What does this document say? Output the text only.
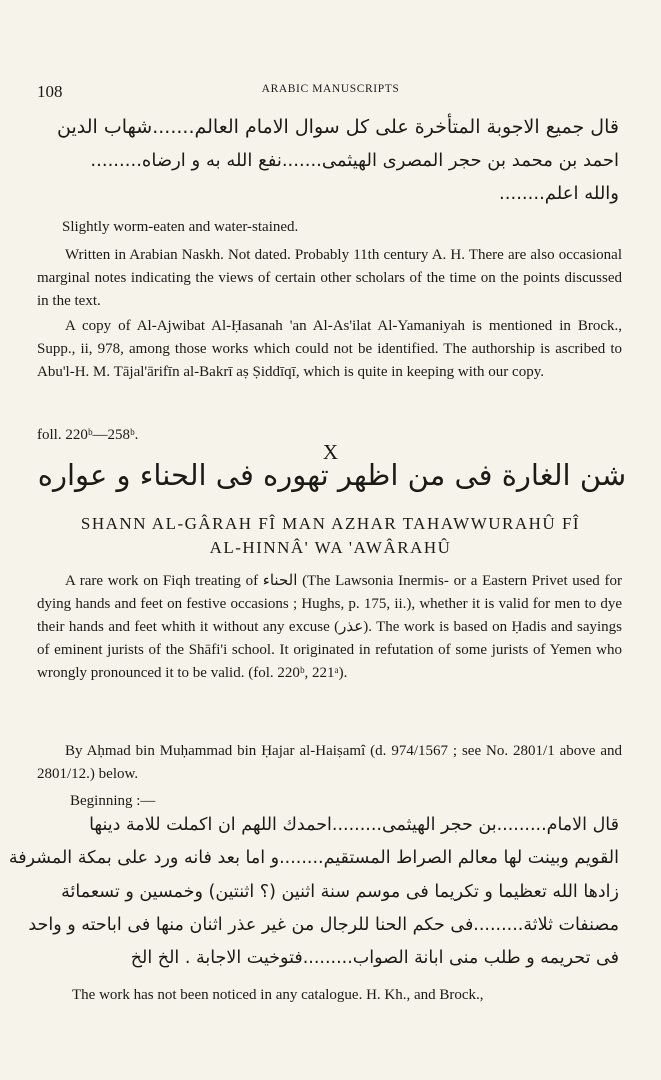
108	ARABIC MANUSCRIPTS
قال جميع الاجوبة المتأخرة على كل سوال الامام العالم.......شهاب الدين
احمد بن محمد بن حجر المصرى الهيثمى.......نفع الله به و ارضاه.........
والله اعلم........
Slightly worm-eaten and water-stained.
Written in Arabian Naskh. Not dated. Probably 11th century A. H. There are also occasional marginal notes indicating the views of certain other scholars of the time on the points discussed in the text.
A copy of Al-Ajwibat Al-Ḥasanah 'an Al-As'ilat Al-Yamaniyah is mentioned in Brock., Supp., ii, 978, among those works which could not be identified. The authorship is ascribed to Abu'l-H. M. Tājal'ārifīn al-Bakrī aṣ Ṣiddīqī, which is quite in keeping with our copy.
foll. 220ᵇ—258ᵇ.
X
شن الغارة فى من اظهر تهوره فى الحناء و عواره
SHANN AL-GÂRAH FÎ MAN AZHAR TAHAWWURAHÛ FÎ
AL-HINNÂ' WA 'AWÂRAHÛ
A rare work on Fiqh treating of الحناء (The Lawsonia Inermis- or a Eastern Privet used for dying hands and feet on festive occasions ; Hughs, p. 175, ii.), whether it is valid for men to dye their hands and feet whith it without any excuse (عذر). The work is based on Ḥadis and sayings of eminent jurists of the Shāfi'i school. It originated in refutation of some jurists of Yemen who wrongly pronounced it to be valid. (fol. 220ᵇ, 221ᵃ).
By Aḥmad bin Muḥammad bin Ḥajar al-Haiṣamî (d. 974/1567 ; see No. 2801/1 above and 2801/12.) below.
Beginning :—
قال الامام.........بن حجر الهيثمى.........احمدك اللهم ان اكملت للامة دينها
القويم وبينت لها معالم الصراط المستقيم........و اما بعد فانه ورد على بمكة المشرفة
زادها الله تعظيما و تكريما فى موسم سنة اثنين (؟ اثنتين) وخمسين و تسعمائة
مصنفات ثلاثة.........فى حكم الحنا للرجال من غير عذر اثنان منها فى اباحته و واحد
فى تحريمه و طلب منى ابانة الصواب.........فتوخيت الاجابة . الخ الخ
The work has not been noticed in any catalogue. H. Kh., and Brock.,
